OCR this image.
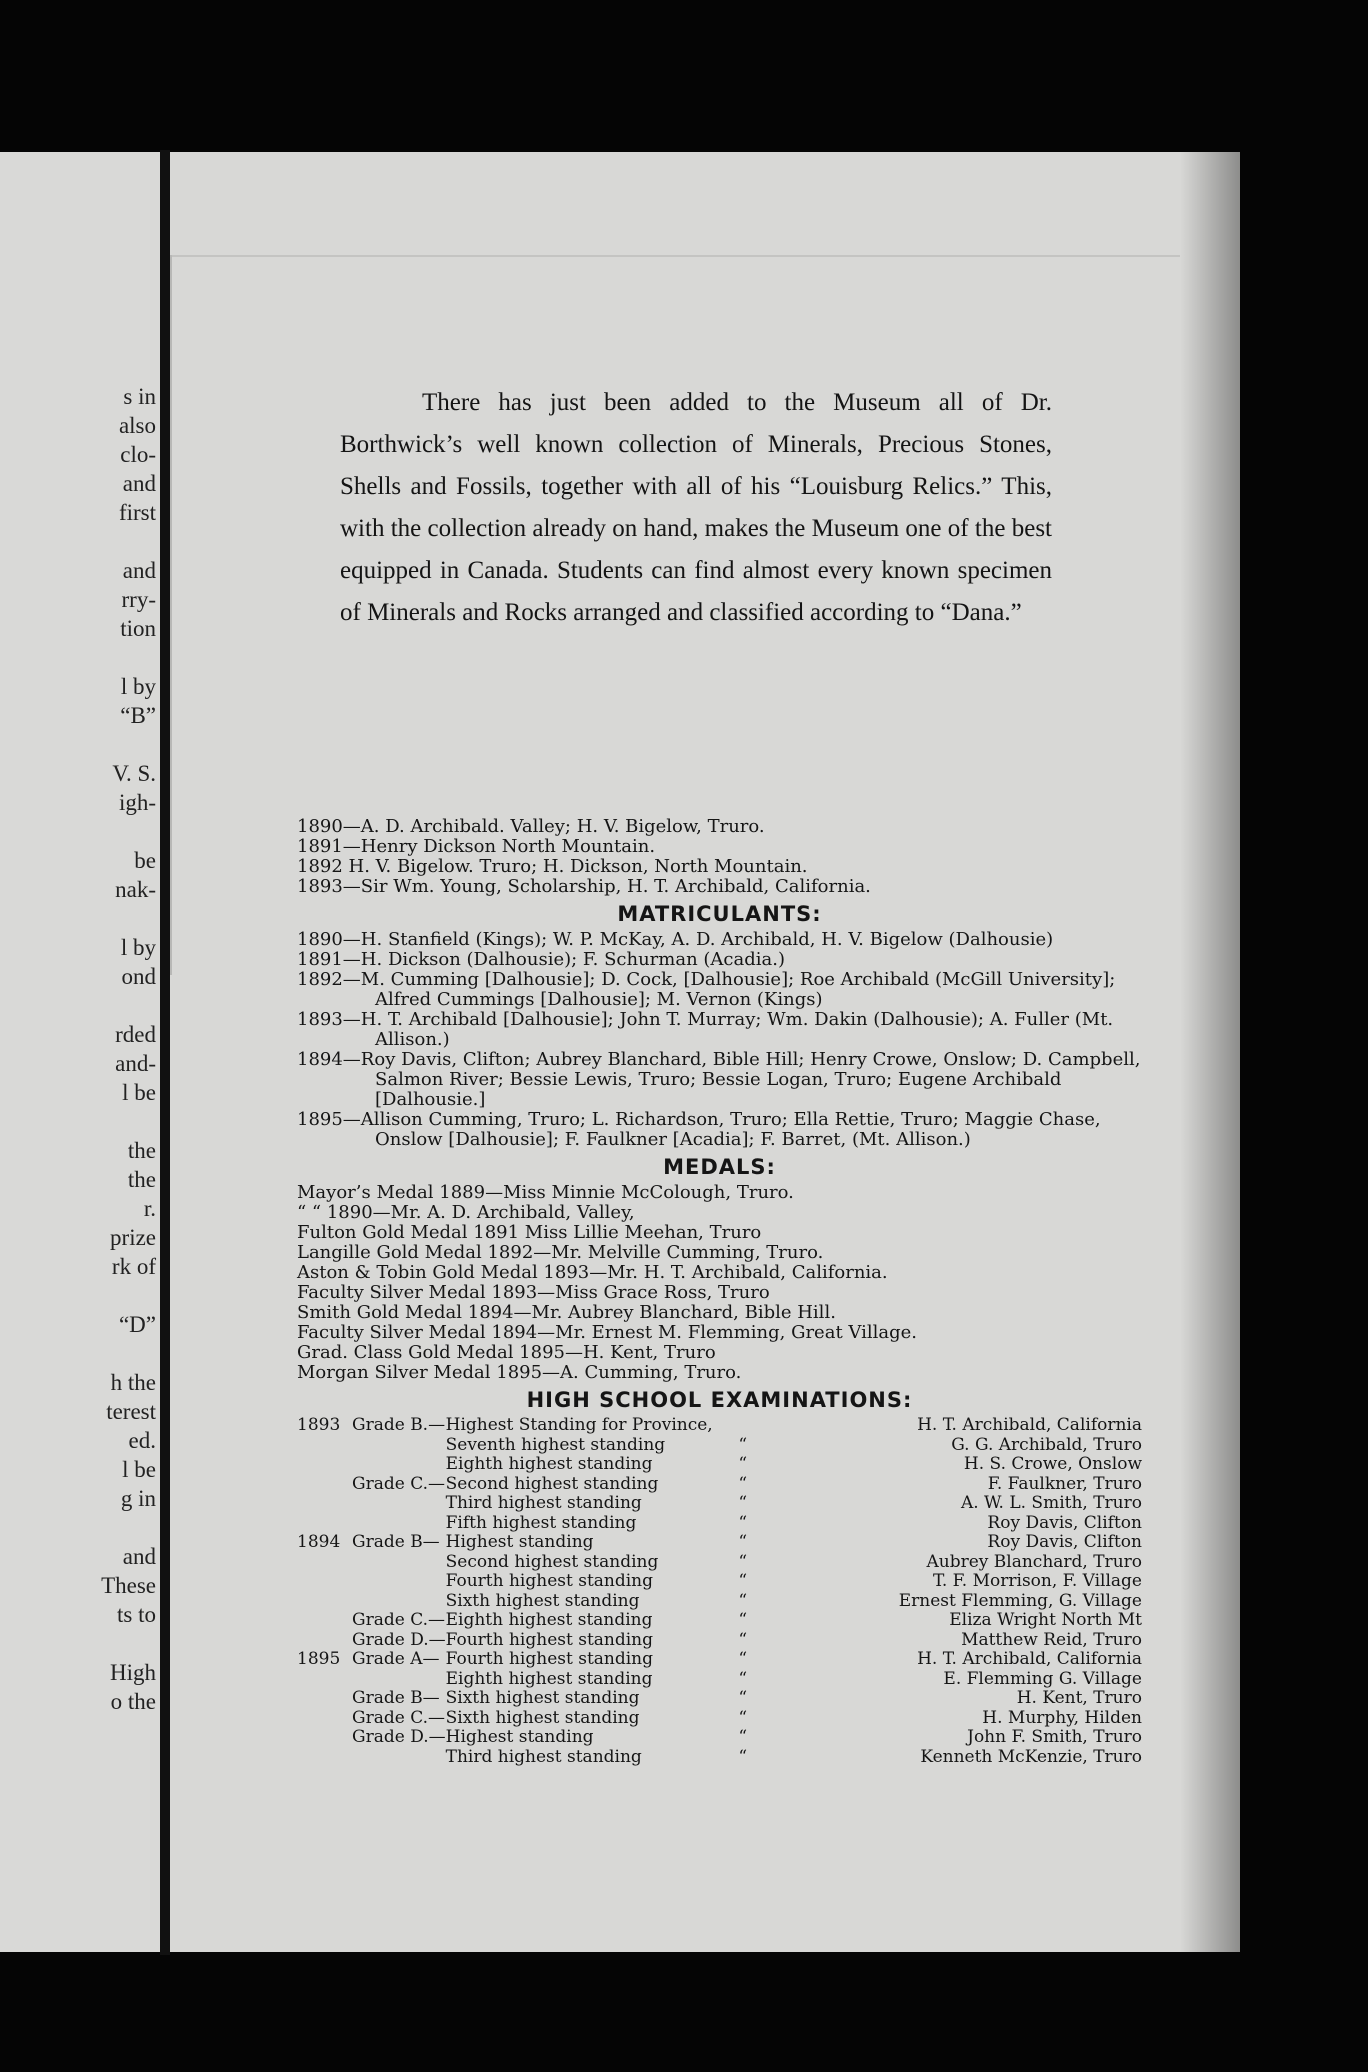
s in
also
clo-
and
first
and
rry-
tion
l by
“B”
V. S.
igh-
be
nak-
l by
ond
rded
and-
l be
the
the
r.
prize
rk of
“D”
h the
terest
ed.
l be
g in
and
These
ts to
High
o the

There has just been added to the Museum all of Dr. Borthwick’s well known collection of Minerals, Precious Stones, Shells and Fossils, together with all of his “Louisburg Relics.” This, with the collection already on hand, makes the Museum one of the best equipped in Canada. Students can find almost every known specimen of Minerals and Rocks arranged and classified according to “Dana.”

1890—A. D. Archibald. Valley; H. V. Bigelow, Truro.

1891—Henry Dickson North Mountain.

1892 H. V. Bigelow. Truro; H. Dickson, North Mountain.

1893—Sir Wm. Young, Scholarship, H. T. Archibald, California.

MATRICULANTS:

1890—H. Stanfield (Kings); W. P. McKay, A. D. Archibald, H. V. Bigelow (Dalhousie)

1891—H. Dickson (Dalhousie); F. Schurman (Acadia.)

1892—M. Cumming [Dalhousie]; D. Cock, [Dalhousie]; Roe Archibald (McGill University]; Alfred Cummings [Dalhousie]; M. Vernon (Kings)

1893—H. T. Archibald [Dalhousie]; John T. Murray; Wm. Dakin (Dalhousie); A. Fuller (Mt. Allison.)

1894—Roy Davis, Clifton; Aubrey Blanchard, Bible Hill; Henry Crowe, Onslow; D. Campbell, Salmon River; Bessie Lewis, Truro; Bessie Logan, Truro; Eugene Archibald [Dalhousie.]

1895—Allison Cumming, Truro; L. Richardson, Truro; Ella Rettie, Truro; Maggie Chase, Onslow [Dalhousie]; F. Faulkner [Acadia]; F. Barret, (Mt. Allison.)

MEDALS:

Mayor’s Medal 1889—Miss Minnie McColough, Truro.

“ “ 1890—Mr. A. D. Archibald, Valley,

Fulton Gold Medal 1891 Miss Lillie Meehan, Truro

Langille Gold Medal 1892—Mr. Melville Cumming, Truro.

Aston & Tobin Gold Medal 1893—Mr. H. T. Archibald, California.

Faculty Silver Medal 1893—Miss Grace Ross, Truro

Smith Gold Medal 1894—Mr. Aubrey Blanchard, Bible Hill.

Faculty Silver Medal 1894—Mr. Ernest M. Flemming, Great Village.

Grad. Class Gold Medal 1895—H. Kent, Truro

Morgan Silver Medal 1895—A. Cumming, Truro.

HIGH SCHOOL EXAMINATIONS:
1893	Grade B.—	Highest Standing for Province,		H. T. Archibald, California
		Seventh highest standing	“	G. G. Archibald, Truro
		Eighth highest standing	“	H. S. Crowe, Onslow
	Grade C.—	Second highest standing	“	F. Faulkner, Truro
		Third highest standing	“	A. W. L. Smith, Truro
		Fifth highest standing	“	Roy Davis, Clifton
1894	Grade B—	Highest standing	“	Roy Davis, Clifton
		Second highest standing	“	Aubrey Blanchard, Truro
		Fourth highest standing	“	T. F. Morrison, F. Village
		Sixth highest standing	“	Ernest Flemming, G. Village
	Grade C.—	Eighth highest standing	“	Eliza Wright North Mt
	Grade D.—	Fourth highest standing	“	Matthew Reid, Truro
1895	Grade A—	Fourth highest standing	“	H. T. Archibald, California
		Eighth highest standing	“	E. Flemming G. Village
	Grade B—	Sixth highest standing	“	H. Kent, Truro
	Grade C.—	Sixth highest standing	“	H. Murphy, Hilden
	Grade D.—	Highest standing	“	John F. Smith, Truro
		Third highest standing	“	Kenneth McKenzie, Truro
